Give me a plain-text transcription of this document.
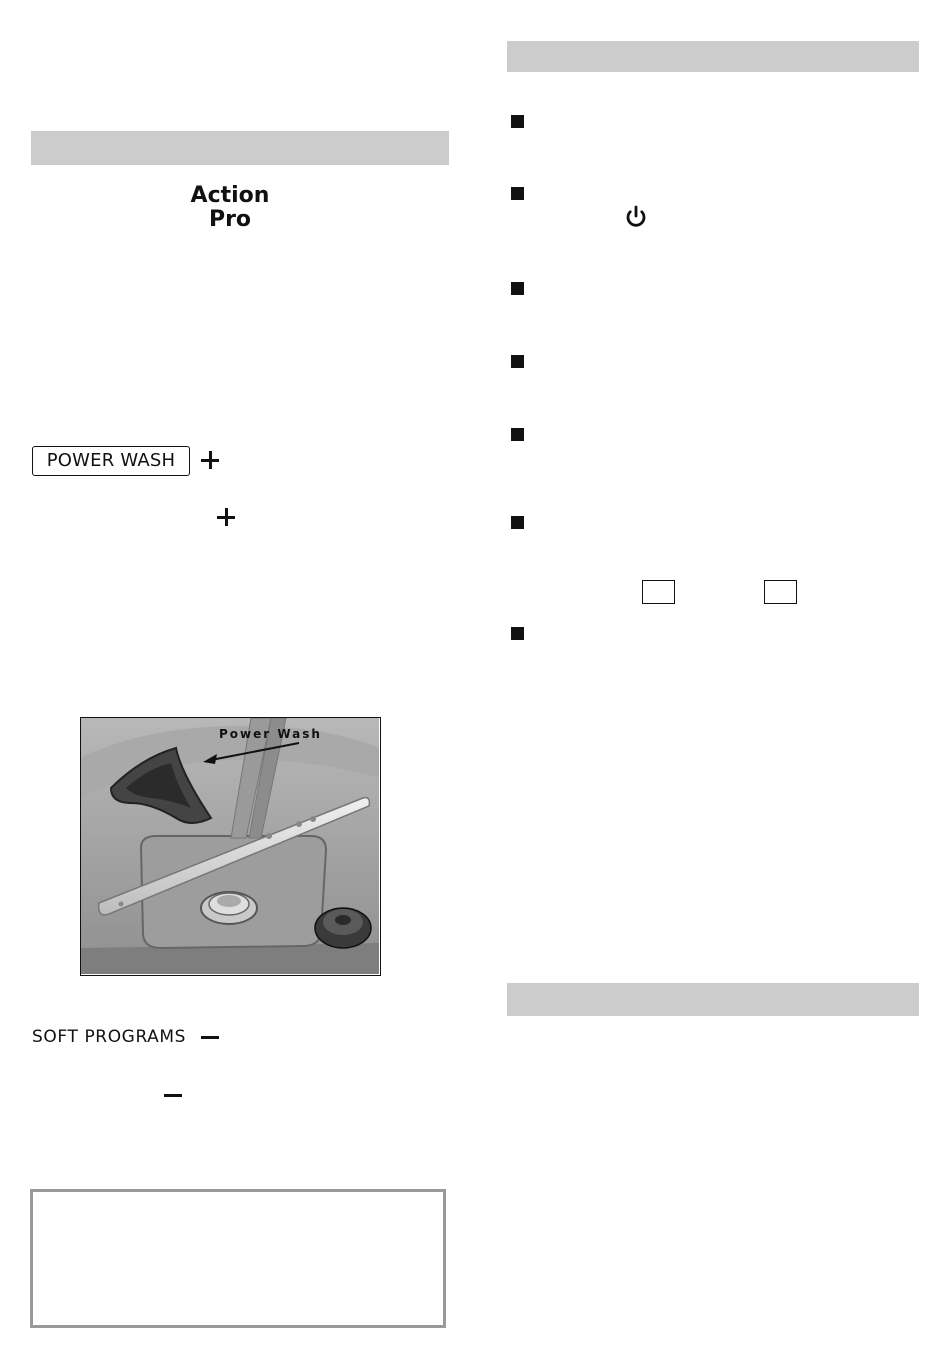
Action
Pro
POWER WASH
Power Wash
SOFT PROGRAMS
